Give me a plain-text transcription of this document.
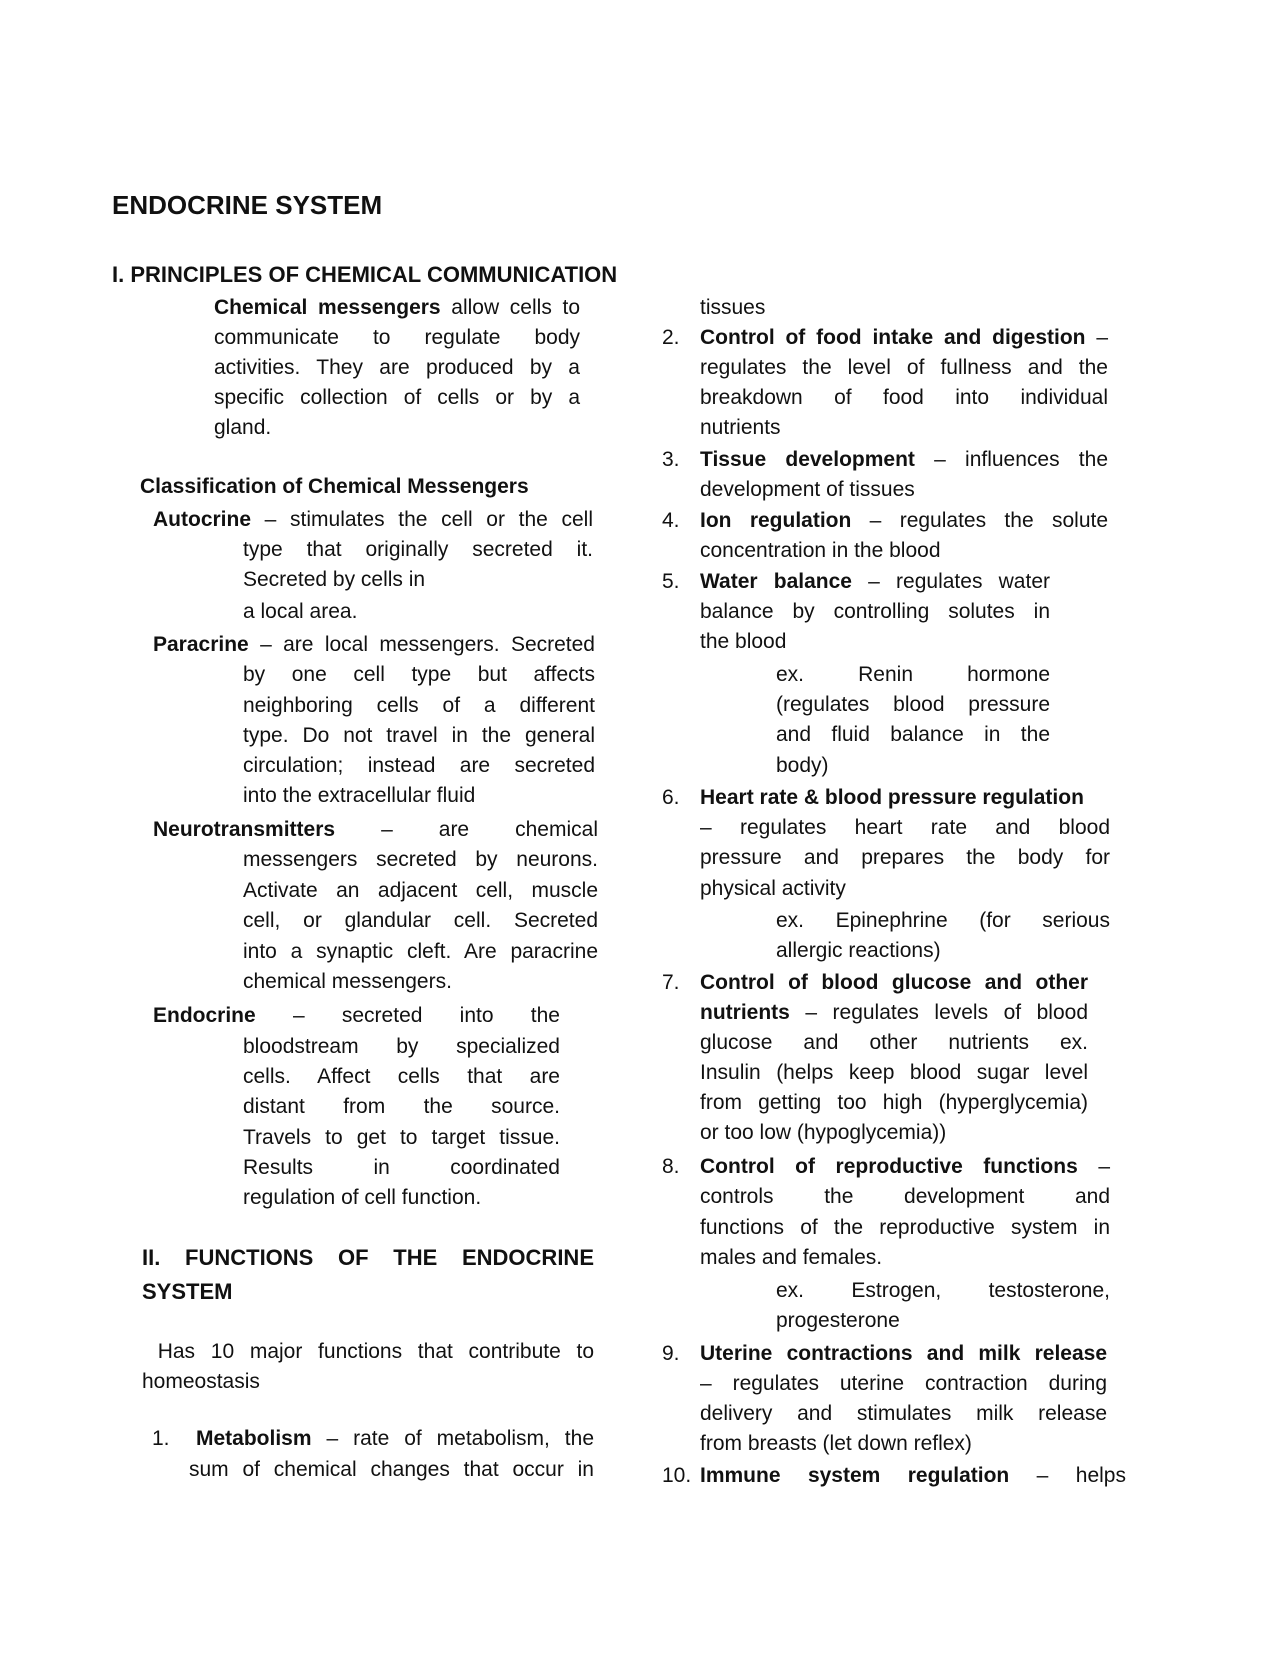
ENDOCRINE SYSTEM
I. PRINCIPLES OF CHEMICAL COMMUNICATION
Chemical messengers allow cells to
communicate to regulate body
activities. They are produced by a
specific collection of cells or by a
gland.
Classification of Chemical Messengers
Autocrine – stimulates the cell or the cell
type that originally secreted it.
Secreted by cells in
a local area.
Paracrine – are local messengers. Secreted
by one cell type but affects
neighboring cells of a different
type. Do not travel in the general
circulation; instead are secreted
into the extracellular fluid
Neurotransmitters – are chemical
messengers secreted by neurons.
Activate an adjacent cell, muscle
cell, or glandular cell. Secreted
into a synaptic cleft. Are paracrine
chemical messengers.
Endocrine – secreted into the
bloodstream by specialized
cells. Affect cells that are
distant from the source.
Travels to get to target tissue.
Results in coordinated
regulation of cell function.
II. FUNCTIONS OF THE ENDOCRINE
SYSTEM
Has 10 major functions that contribute to
homeostasis
1. Metabolism – rate of metabolism, the
sum of chemical changes that occur in
tissues
2. Control of food intake and digestion –
regulates the level of fullness and the
breakdown of food into individual
nutrients
3. Tissue development – influences the
development of tissues
4. Ion regulation – regulates the solute
concentration in the blood
5. Water balance – regulates water
balance by controlling solutes in
the blood
ex. Renin hormone
(regulates blood pressure
and fluid balance in the
body)
6. Heart rate & blood pressure regulation
– regulates heart rate and blood
pressure and prepares the body for
physical activity
ex. Epinephrine (for serious
allergic reactions)
7. Control of blood glucose and other
nutrients – regulates levels of blood
glucose and other nutrients ex.
Insulin (helps keep blood sugar level
from getting too high (hyperglycemia)
or too low (hypoglycemia))
8. Control of reproductive functions –
controls the development and
functions of the reproductive system in
males and females.
ex. Estrogen, testosterone,
progesterone
9. Uterine contractions and milk release
– regulates uterine contraction during
delivery and stimulates milk release
from breasts (let down reflex)
10. Immune system regulation – helps
